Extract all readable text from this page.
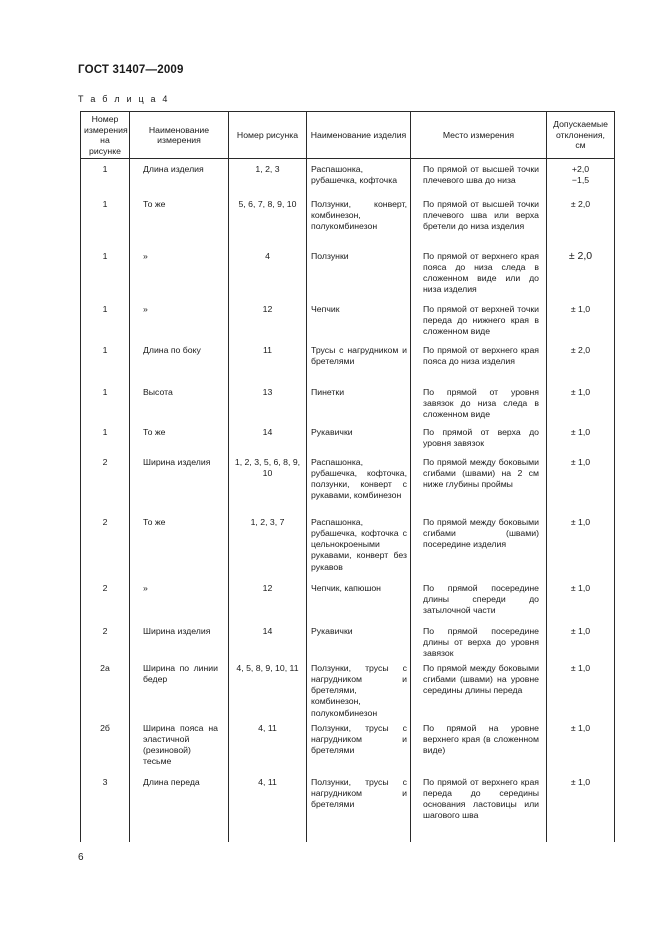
ГОСТ 31407—2009
Т а б л и ц а 4
Номер измерения на рисунке	Наименование измерения	Номер рисунка	Наименование изделия	Место измерения	Допускаемые отклонения, см
1	Длина изделия	1, 2, 3	Распашонка, рубашечка, кофточка	По прямой от высшей точки плечевого шва до низа	+2,0
−1,5

1	То же	5, 6, 7, 8, 9, 10	Ползунки, конверт, комбинезон, полукомбинезон	По прямой от высшей точки плечевого шва или верха бретели до низа изделия	± 2,0
1	»	4	Ползунки	По прямой от верхнего края пояса до низа следа в сложенном виде или до низа изделия	± 2,0
1	»	12	Чепчик	По прямой от верхней точки переда до нижнего края в сложенном виде	± 1,0
1	Длина по боку	11	Трусы с нагрудником и бретелями	По прямой от верхнего края пояса до низа изделия	± 2,0
1	Высота	13	Пинетки	По прямой от уровня завязок до низа следа в сложенном виде	± 1,0
1	То же	14	Рукавички	По прямой от верха до уровня завязок	± 1,0
2	Ширина изделия	1, 2, 3, 5, 6, 8, 9, 10	Распашонка, рубашечка, кофточка, ползунки, конверт с рукавами, комбинезон	По прямой между боковыми сгибами (швами) на 2 см ниже глубины проймы	± 1,0
2	То же	1, 2, 3, 7	Распашонка, рубашечка, кофточка с цельнокроеными рукавами, конверт без рукавов	По прямой между боковыми сгибами (швами) посередине изделия	± 1,0
2	»	12	Чепчик, капюшон	По прямой посередине длины спереди до затылочной части	± 1,0
2	Ширина изделия	14	Рукавички	По прямой посередине длины от верха до уровня завязок	± 1,0
2а	Ширина по линии бедер	4, 5, 8, 9, 10, 11	Ползунки, трусы с нагрудником и бретелями, комбинезон, полукомбинезон	По прямой между боковыми сгибами (швами) на уровне середины длины переда	± 1,0
2б	Ширина пояса на эластичной (резиновой) тесьме	4, 11	Ползунки, трусы с нагрудником и бретелями	По прямой на уровне верхнего края (в сложенном виде)	± 1,0
3	Длина переда	4, 11	Ползунки, трусы с нагрудником и бретелями	По прямой от верхнего края переда до середины основания ластовицы или шагового шва	± 1,0

6
